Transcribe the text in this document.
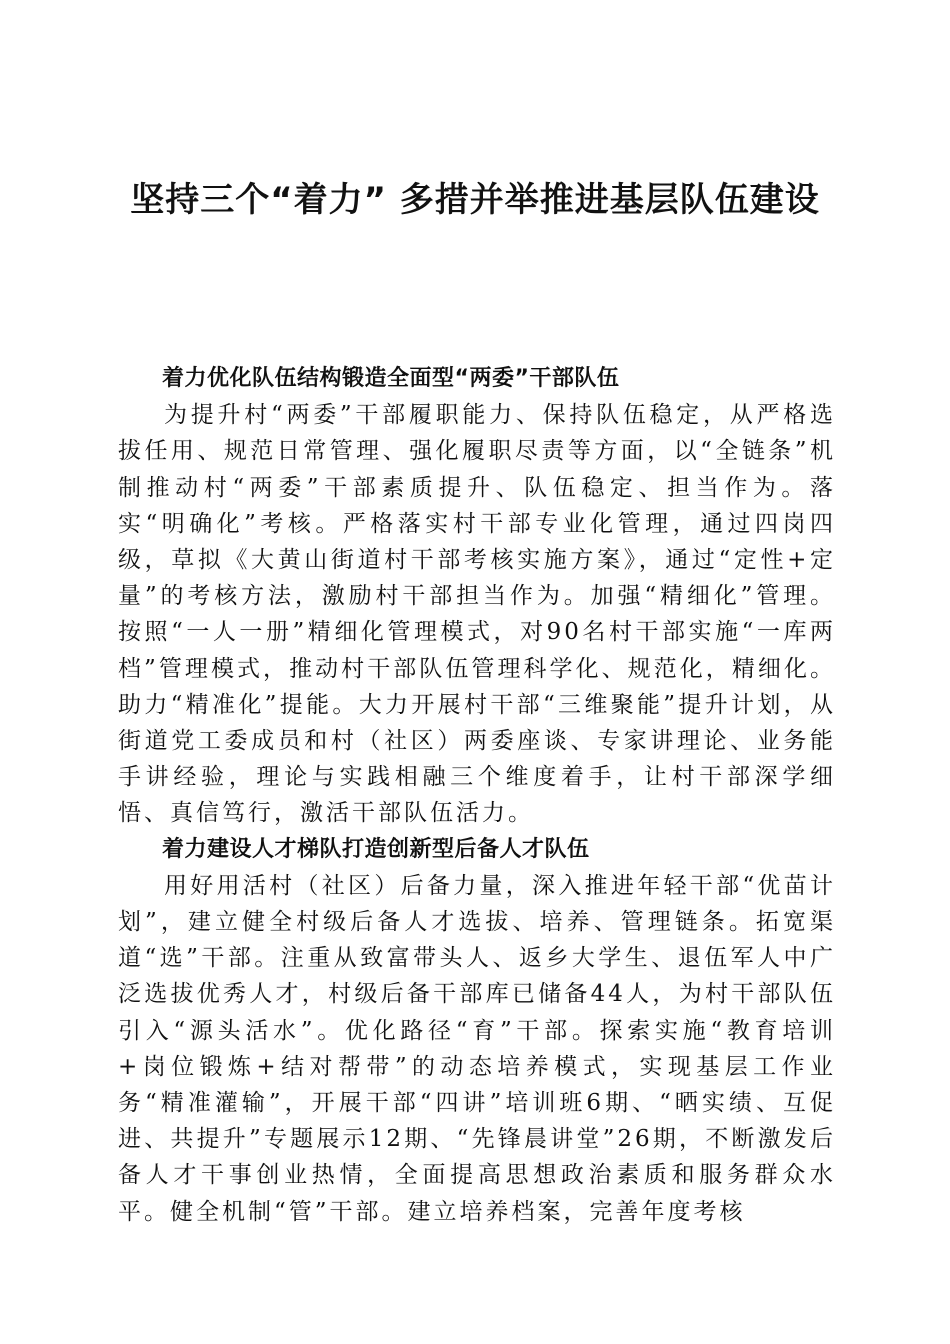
坚持三个“着力” 多措并举推进基层队伍建设

着力优化队伍结构锻造全面型“两委”干部队伍

为提升村“两委”干部履职能力、保持队伍稳定，从严格选拔任用、规范日常管理、强化履职尽责等方面，以“全链条”机制推动村“两委”干部素质提升、队伍稳定、担当作为。落实“明确化”考核。严格落实村干部专业化管理，通过四岗四级，草拟《大黄山街道村干部考核实施方案》，通过“定性+定量”的考核方法，激励村干部担当作为。加强“精细化”管理。按照“一人一册”精细化管理模式，对90名村干部实施“一库两档”管理模式，推动村干部队伍管理科学化、规范化，精细化。助力“精准化”提能。大力开展村干部“三维聚能”提升计划，从街道党工委成员和村（社区）两委座谈、专家讲理论、业务能手讲经验，理论与实践相融三个维度着手，让村干部深学细悟、真信笃行，激活干部队伍活力。

着力建设人才梯队打造创新型后备人才队伍

用好用活村（社区）后备力量，深入推进年轻干部“优苗计划”，建立健全村级后备人才选拔、培养、管理链条。拓宽渠道“选”干部。注重从致富带头人、返乡大学生、退伍军人中广泛选拔优秀人才，村级后备干部库已储备44人，为村干部队伍引入“源头活水”。优化路径“育”干部。探索实施“教育培训+岗位锻炼+结对帮带”的动态培养模式，实现基层工作业务“精准灌输”，开展干部“四讲”培训班6期、“晒实绩、互促进、共提升”专题展示12期、“先锋晨讲堂”26期，不断激发后备人才干事创业热情，全面提高思想政治素质和服务群众水平。健全机制“管”干部。建立培养档案，完善年度考核
